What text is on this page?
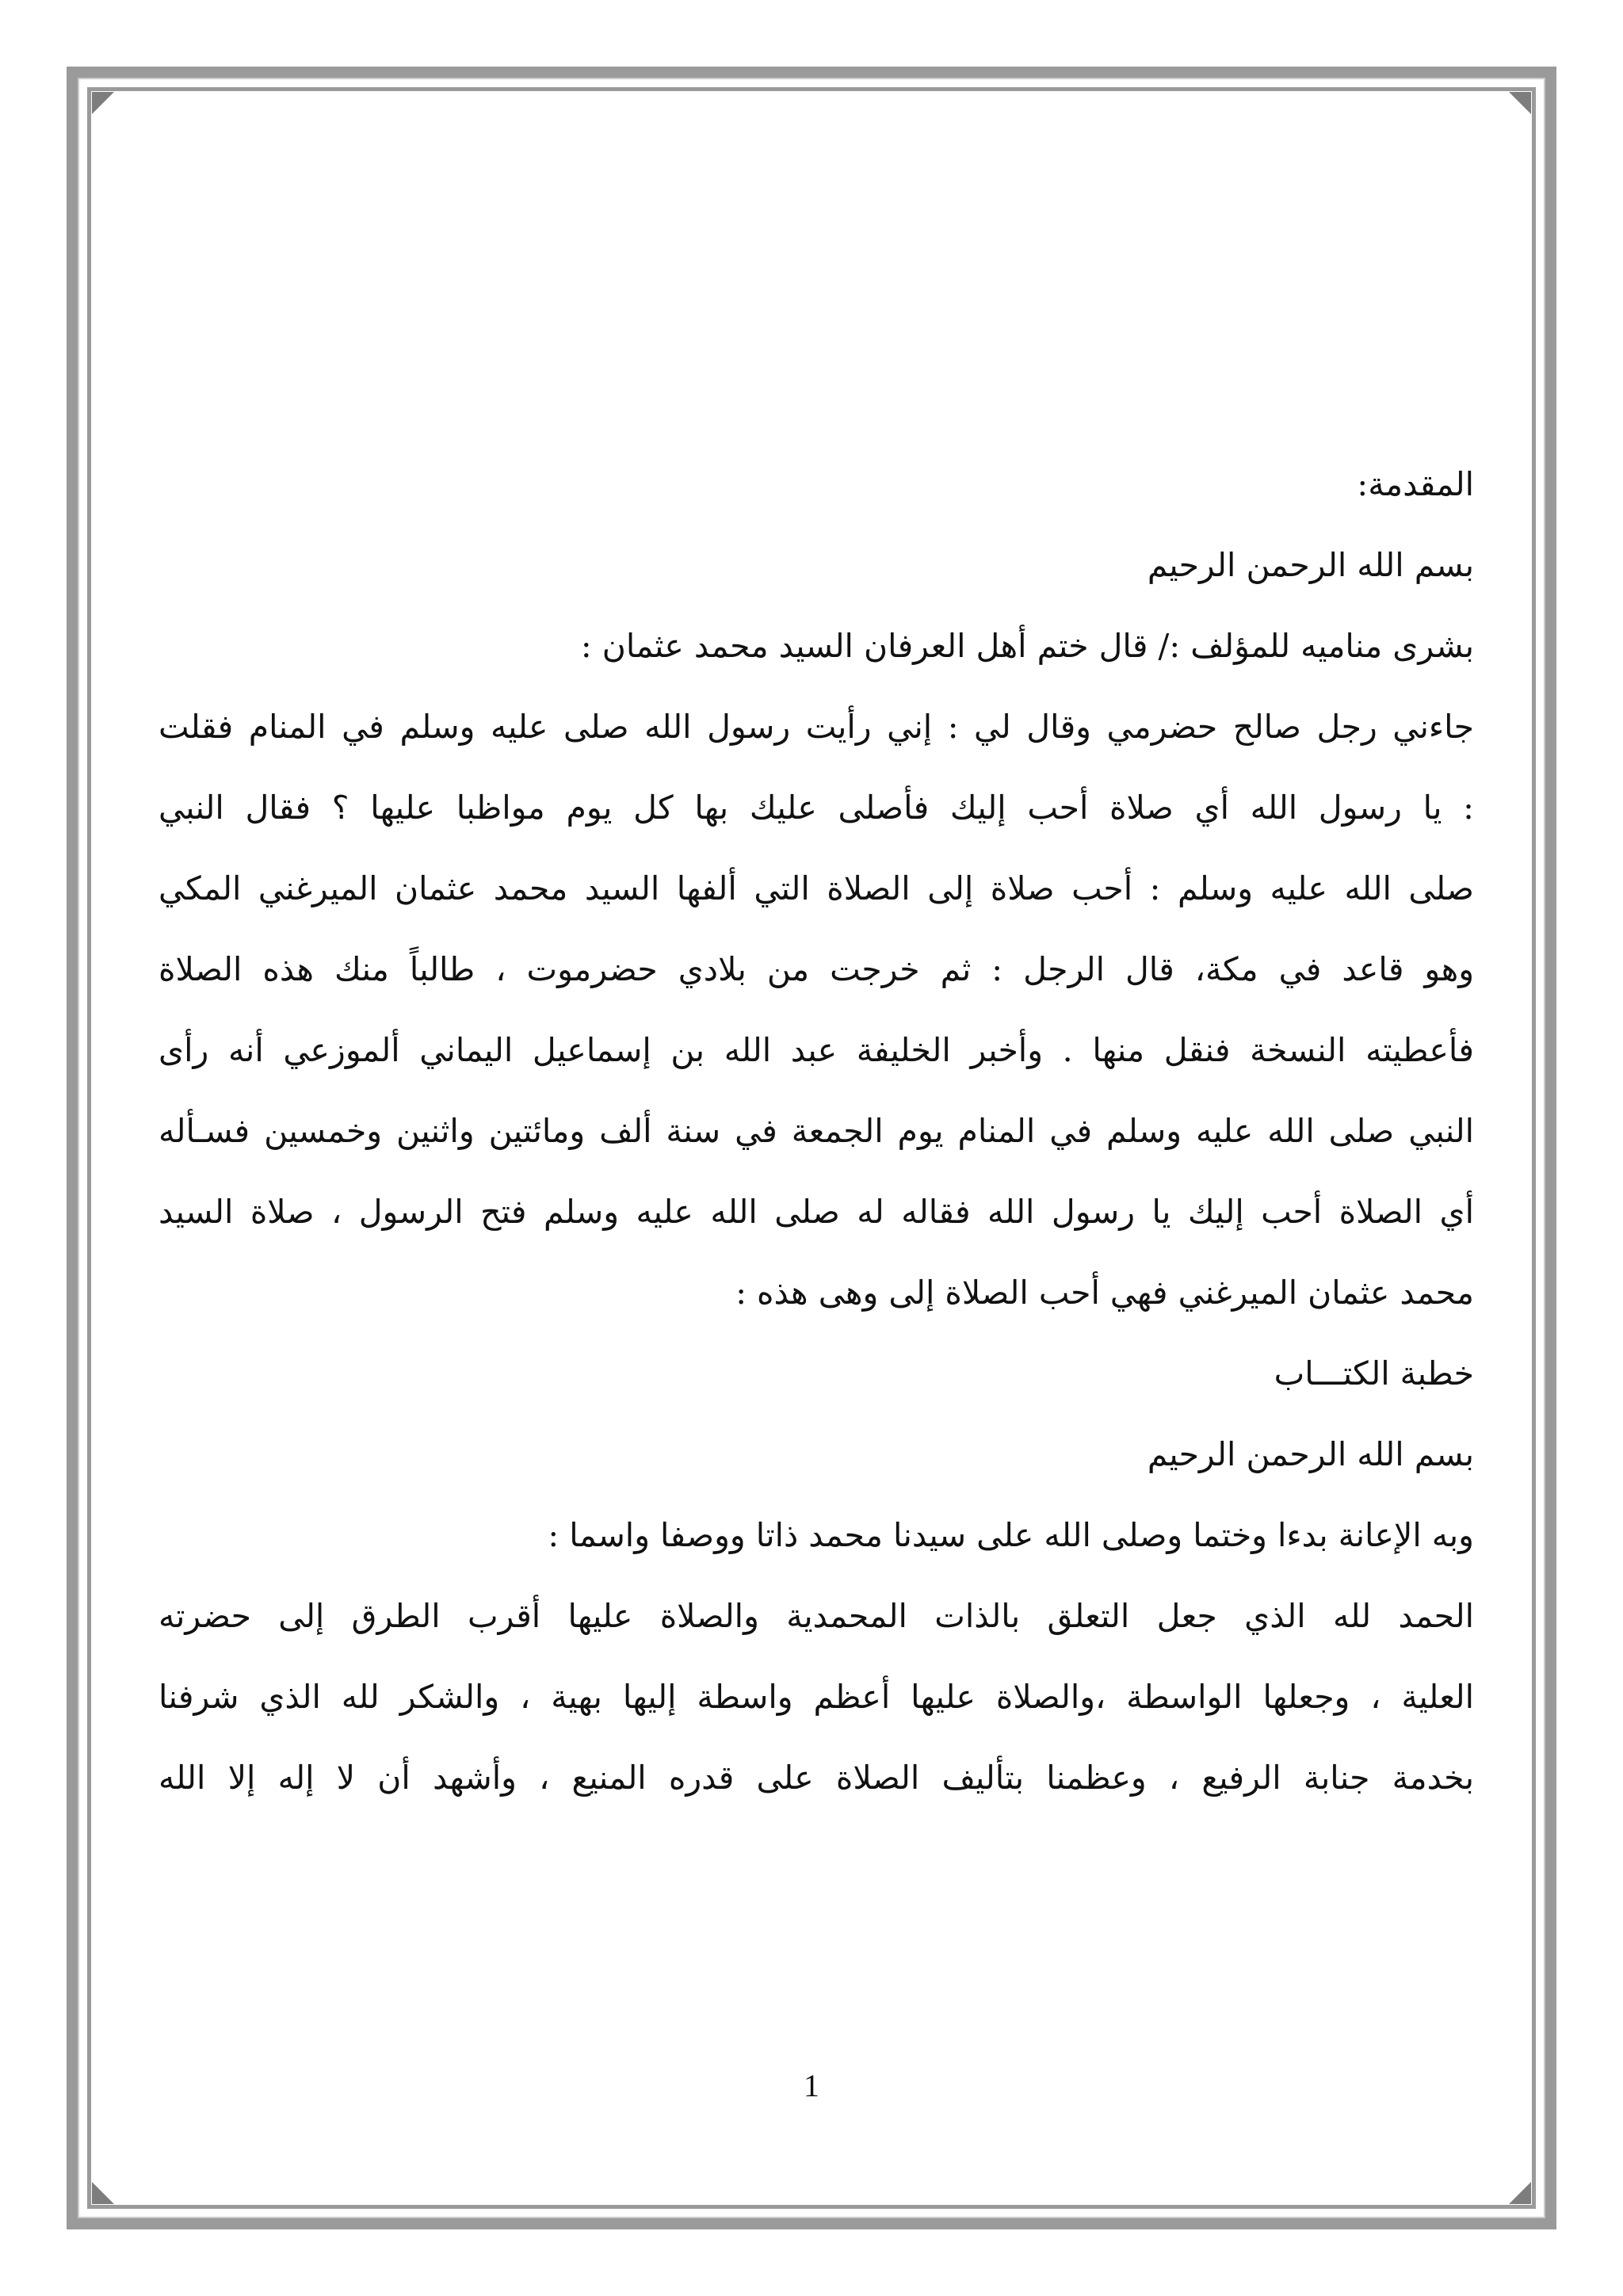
المقدمة:
بسم الله الرحمن الرحيم
بشرى مناميه للمؤلف :/ قال ختم أهل العرفان السيد محمد عثمان :
جاءني رجل صالح حضرمي وقال لي : إني رأيت رسول الله صلى عليه وسلم في المنام فقلت
: يا رسول الله أي صلاة أحب إليك فأصلى عليك بها كل يوم مواظبا عليها ؟ فقال النبي
صلى الله عليه وسلم : أحب صلاة إلى الصلاة التي ألفها السيد محمد عثمان الميرغني المكي
وهو قاعد في مكة، قال الرجل : ثم خرجت من بلادي حضرموت ، طالباً منك هذه الصلاة
فأعطيته النسخة فنقل منها . وأخبر الخليفة عبد الله بن إسماعيل اليماني ألموزعي أنه رأى
النبي صلى الله عليه وسلم في المنام يوم الجمعة في سنة ألف ومائتين واثنين وخمسين فسـأله
أي الصلاة أحب إليك يا رسول الله فقاله له صلى الله عليه وسلم فتح الرسول ، صلاة السيد
محمد عثمان الميرغني فهي أحب الصلاة إلى وهى هذه :
خطبة الكتـــاب
بسم الله الرحمن الرحيم
وبه الإعانة بدءا وختما وصلى الله على سيدنا محمد ذاتا ووصفا واسما :
الحمد لله الذي جعل التعلق بالذات المحمدية والصلاة عليها أقرب الطرق إلى حضرته
العلية ، وجعلها الواسطة ،والصلاة عليها أعظم واسطة إليها بهية ، والشكر لله الذي شرفنا
بخدمة جنابة الرفيع ، وعظمنا بتأليف الصلاة على قدره المنيع ، وأشهد أن لا إله إلا الله
1
